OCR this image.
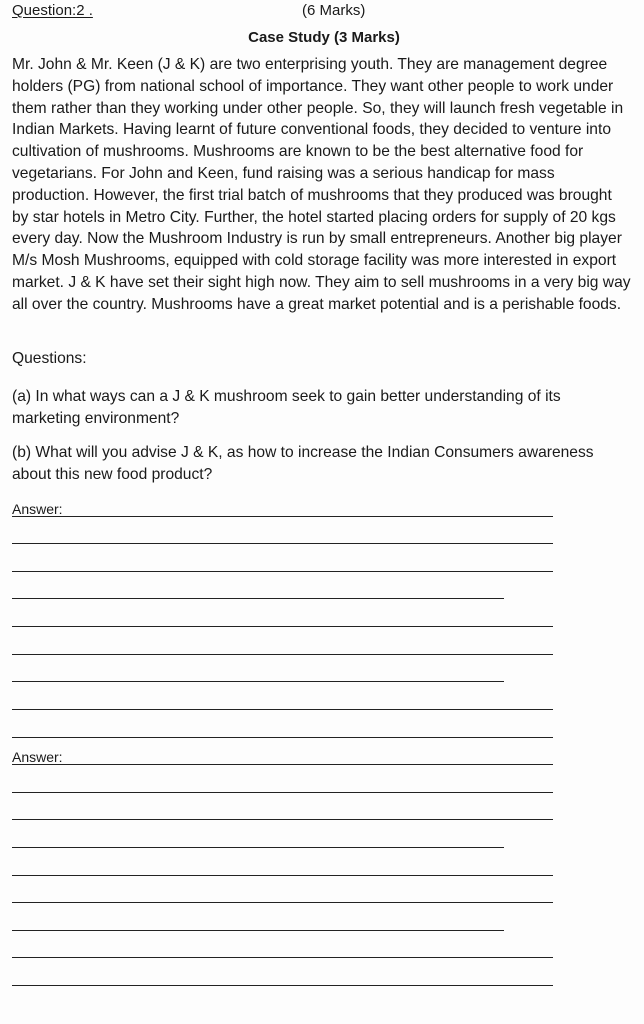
Question:2 .	(6 Marks)
Case Study (3 Marks)

Mr. John & Mr. Keen (J & K) are two enterprising youth. They are management degree holders (PG) from national school of importance. They want other people to work under them rather than they working under other people. So, they will launch fresh vegetable in Indian Markets. Having learnt of future conventional foods, they decided to venture into cultivation of mushrooms. Mushrooms are known to be the best alternative food for vegetarians. For John and Keen, fund raising was a serious handicap for mass production. However, the first trial batch of mushrooms that they produced was brought by star hotels in Metro City. Further, the hotel started placing orders for supply of 20 kgs every day. Now the Mushroom Industry is run by small entrepreneurs. Another big player M/s Mosh Mushrooms, equipped with cold storage facility was more interested in export market. J & K have set their sight high now. They aim to sell mushrooms in a very big way all over the country. Mushrooms have a great market potential and is a perishable foods.

Questions:

(a) In what ways can a J & K mushroom seek to gain better understanding of its marketing environment?

(b) What will you advise J & K, as how to increase the Indian Consumers awareness about this new food product?

Answer:
Answer:
